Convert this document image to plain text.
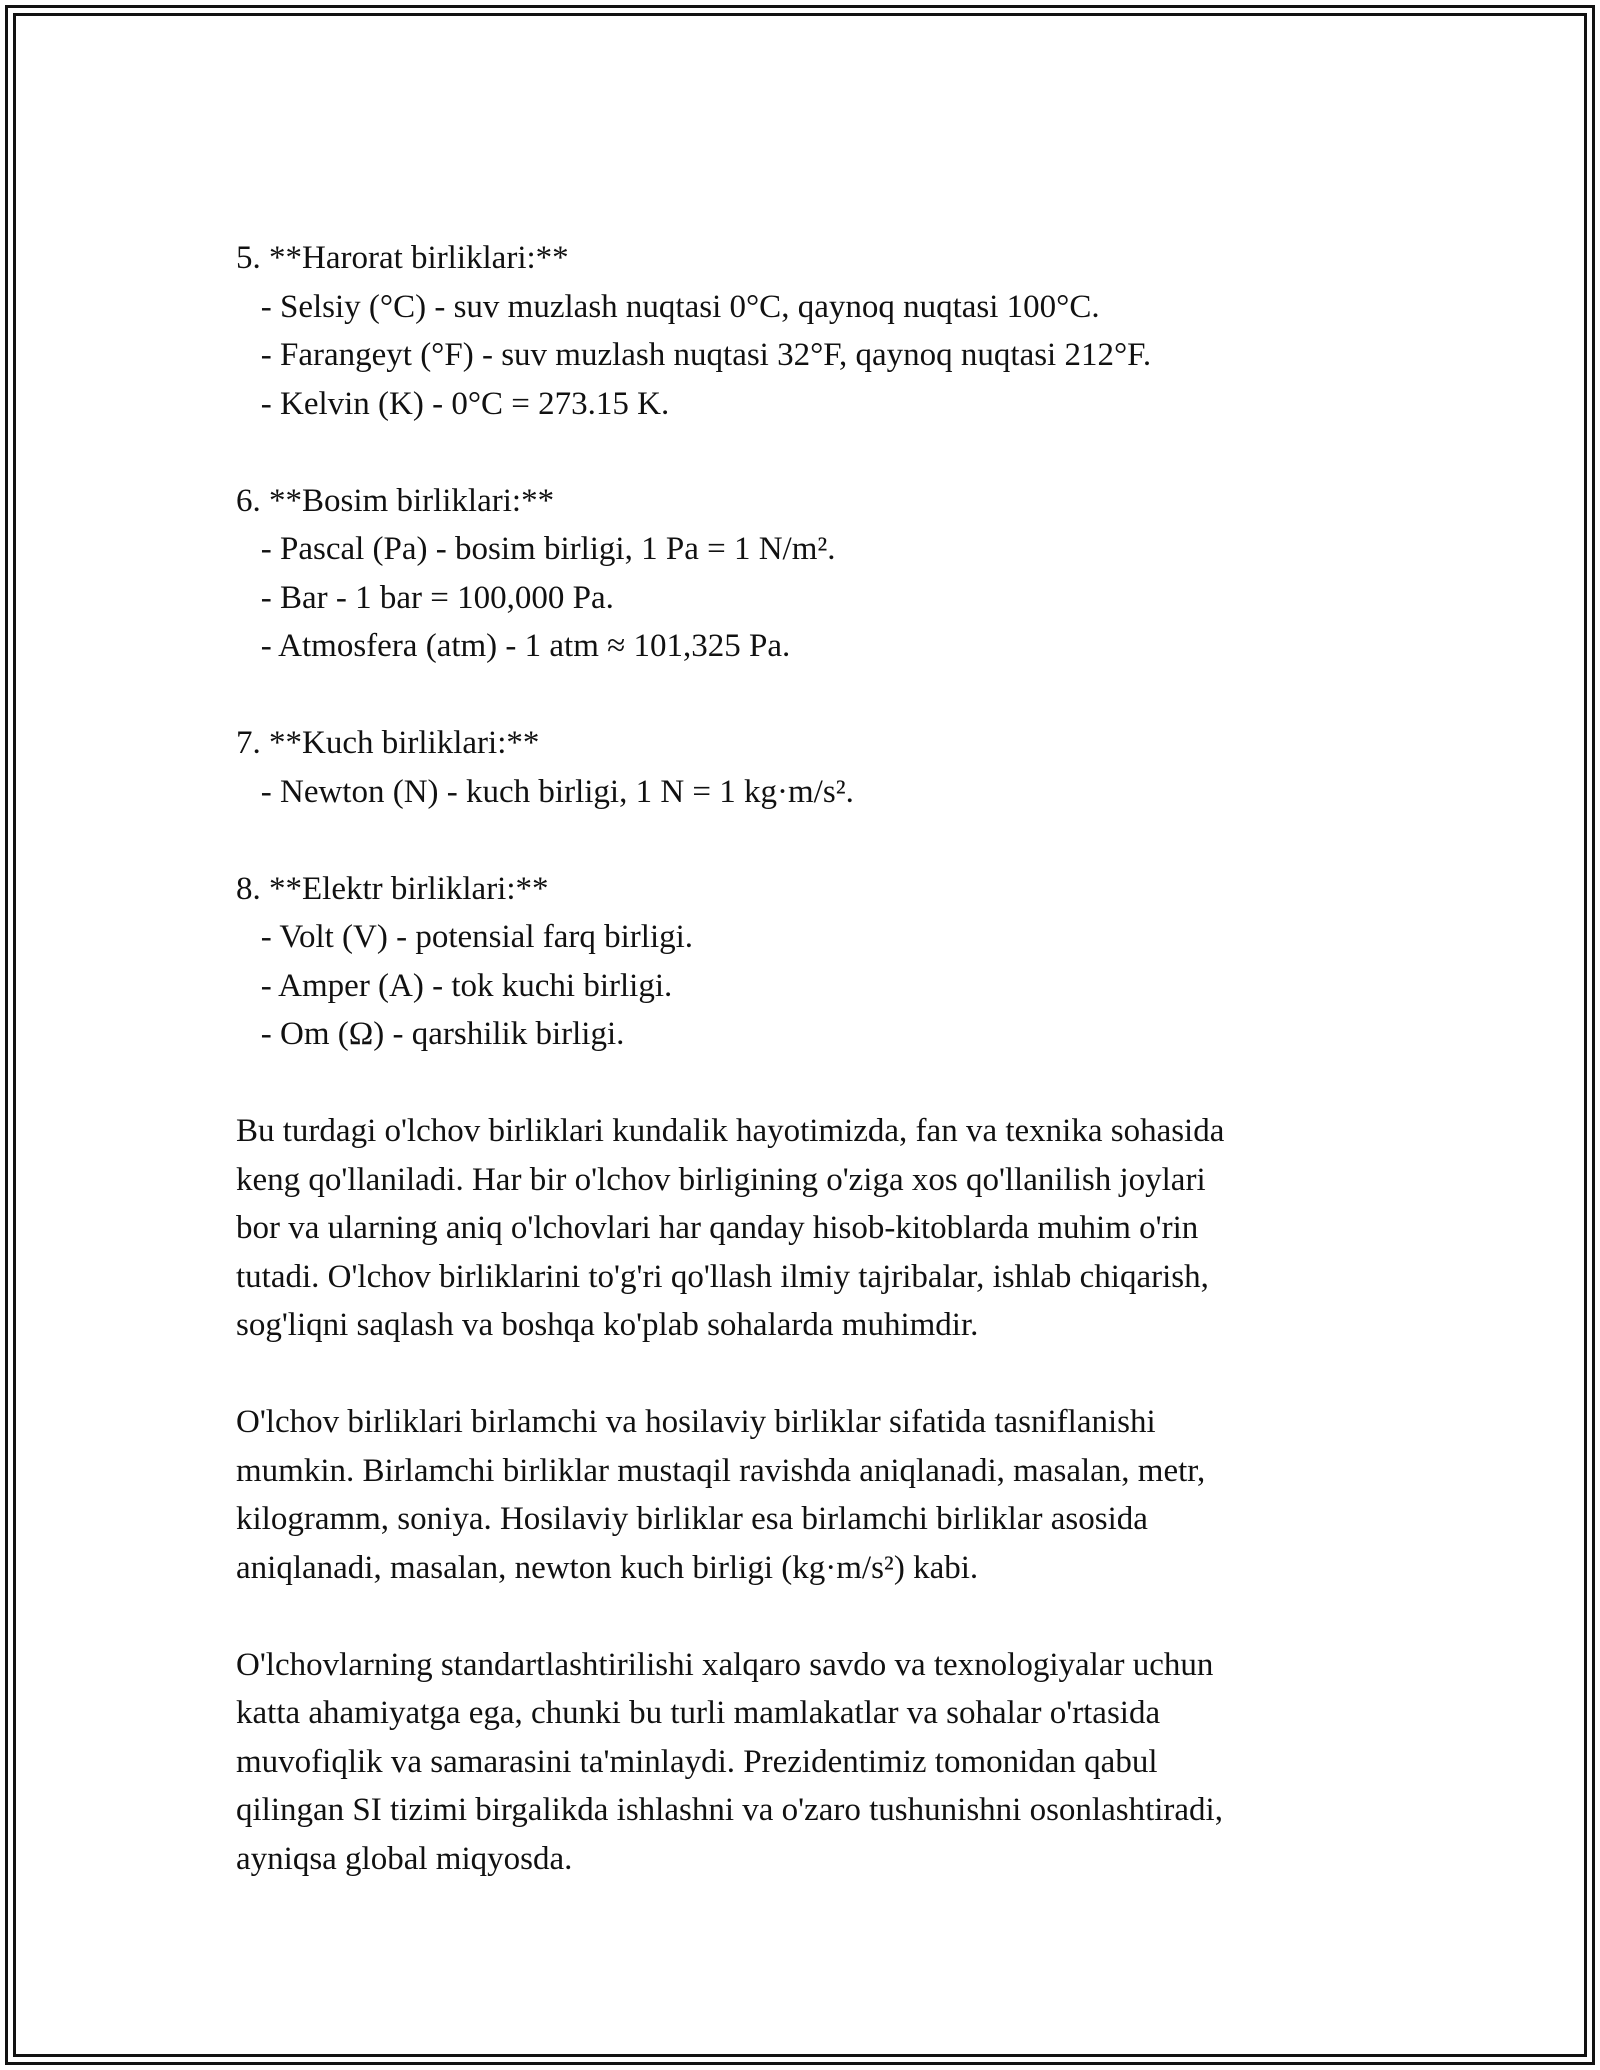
5. **Harorat birliklari:**
- Selsiy (°C) - suv muzlash nuqtasi 0°C, qaynoq nuqtasi 100°C.
- Farangeyt (°F) - suv muzlash nuqtasi 32°F, qaynoq nuqtasi 212°F.
- Kelvin (K) - 0°C = 273.15 K.
6. **Bosim birliklari:**
- Pascal (Pa) - bosim birligi, 1 Pa = 1 N/m².
- Bar - 1 bar = 100,000 Pa.
- Atmosfera (atm) - 1 atm ≈ 101,325 Pa.
7. **Kuch birliklari:**
- Newton (N) - kuch birligi, 1 N = 1 kg·m/s².
8. **Elektr birliklari:**
- Volt (V) - potensial farq birligi.
- Amper (A) - tok kuchi birligi.
- Om (Ω) - qarshilik birligi.
Bu turdagi o'lchov birliklari kundalik hayotimizda, fan va texnika sohasida
keng qo'llaniladi. Har bir o'lchov birligining o'ziga xos qo'llanilish joylari
bor va ularning aniq o'lchovlari har qanday hisob-kitoblarda muhim o'rin
tutadi. O'lchov birliklarini to'g'ri qo'llash ilmiy tajribalar, ishlab chiqarish,
sog'liqni saqlash va boshqa ko'plab sohalarda muhimdir.
O'lchov birliklari birlamchi va hosilaviy birliklar sifatida tasniflanishi
mumkin. Birlamchi birliklar mustaqil ravishda aniqlanadi, masalan, metr,
kilogramm, soniya. Hosilaviy birliklar esa birlamchi birliklar asosida
aniqlanadi, masalan, newton kuch birligi (kg·m/s²) kabi.
O'lchovlarning standartlashtirilishi xalqaro savdo va texnologiyalar uchun
katta ahamiyatga ega, chunki bu turli mamlakatlar va sohalar o'rtasida
muvofiqlik va samarasini ta'minlaydi. Prezidentimiz tomonidan qabul
qilingan SI tizimi birgalikda ishlashni va o'zaro tushunishni osonlashtiradi,
ayniqsa global miqyosda.
